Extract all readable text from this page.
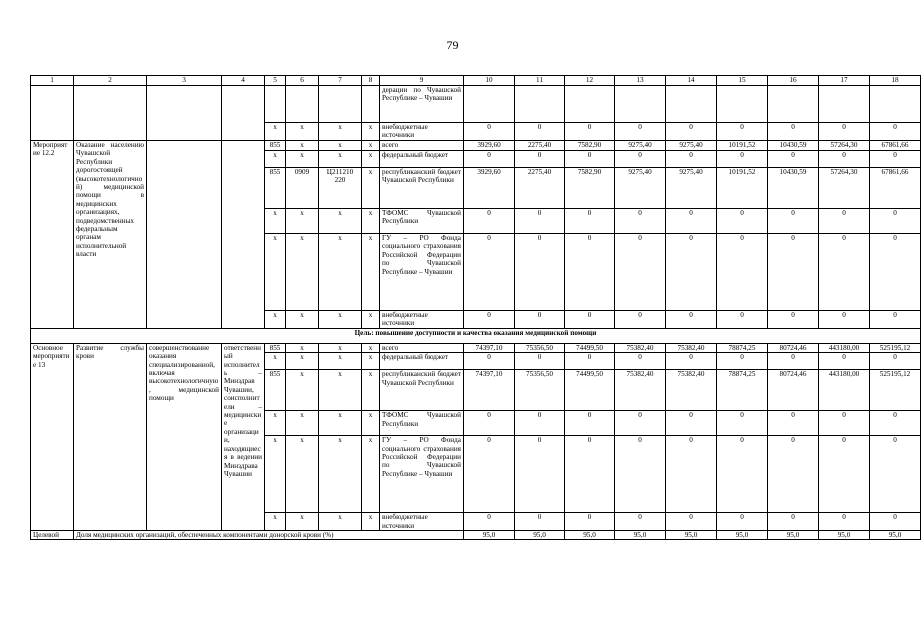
79
1	2	3	4	5	6	7	8	9	10	11	12	13	14	15	16	17	18
								дерации по Чувашской Республике – Чувашии									
				x	x	x	x	внебюджетные источники	0	0	0	0	0	0	0	0	0
Мероприятие 12.2	Оказание населению Чувашской Республики дорогостоящей (высокотехнологичной) медицинской помощи в медицинских организациях, подведомственных федеральным органам исполнительной власти			855	x	x	x	всего	3929,60	2275,40	7582,90	9275,40	9275,40	10191,52	10430,59	57264,30	67861,66
				x	x	x	x	федеральный бюджет	0	0	0	0	0	0	0	0	0
				855	0909	Ц211210 220	x	республиканский бюджет Чувашской Республики	3929,60	2275,40	7582,90	9275,40	9275,40	10191,52	10430,59	57264,30	67861,66
				x	x	x	x	ТФОМС Чувашской Республики	0	0	0	0	0	0	0	0	0
				x	x	x	x	ГУ – РО Фонда социального страхования Российской Федерации по Чувашской Республике – Чувашии	0	0	0	0	0	0	0	0	0
				x	x	x	x	внебюджетные источники	0	0	0	0	0	0	0	0	0
Цель: повышение доступности и качества оказания медицинской помощи																	
Основное мероприятие 13	Развитие службы крови	совершенствование оказания специализированной, включая высокотехнологичную, медицинской помощи	ответственный исполнитель – Минздрав Чувашии, соисполнители – медицинские организации, находящиеся в ведении Минздрава Чувашии	855	x	x	x	всего	74397,10	75356,50	74499,50	75382,40	75382,40	78874,25	80724,46	443180,00	525195,12
				x	x	x	x	федеральный бюджет	0	0	0	0	0	0	0	0	0
				855	x	x	x	республиканский бюджет Чувашской Республики	74397,10	75356,50	74499,50	75382,40	75382,40	78874,25	80724,46	443180,00	525195,12
				x	x	x	x	ТФОМС Чувашской Республики	0	0	0	0	0	0	0	0	0
				x	x	x	x	ГУ – РО Фонда социального страхования Российской Федерации по Чувашской Республике – Чувашии	0	0	0	0	0	0	0	0	0
				x	x	x	x	внебюджетные источники	0	0	0	0	0	0	0	0	0
Целевой	Доля медицинских организаций, обеспеченных компонентами донорской крови (%)								95,0	95,0	95,0	95,0	95,0	95,0	95,0	95,0	95,0
